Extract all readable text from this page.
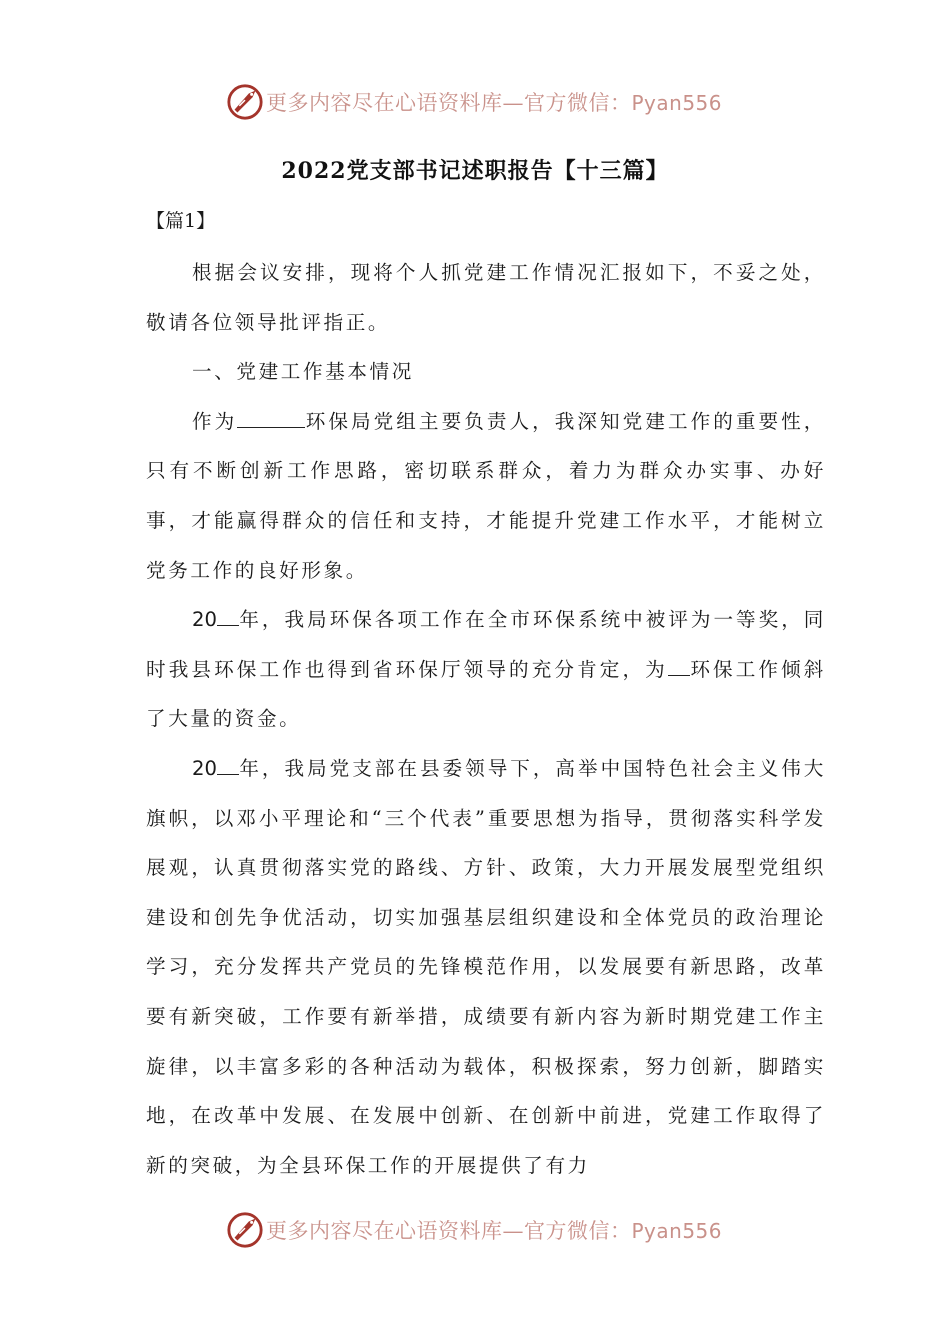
更多内容尽在心语资料库—官方微信：Pyan556
2022党支部书记述职报告【十三篇】
【篇1】

根据会议安排，现将个人抓党建工作情况汇报如下，不妥之处，敬请各位领导批评指正。

一、党建工作基本情况

作为	环保局党组主要负责人，我深知党建工作的重要性，只有不断创新工作思路，密切联系群众，着力为群众办实事、办好事，才能赢得群众的信任和支持，才能提升党建工作水平，才能树立党务工作的良好形象。

20 年，我局环保各项工作在全市环保系统中被评为一等奖，同时我县环保工作也得到省环保厅领导的充分肯定，为 环保工作倾斜了大量的资金。

20 年，我局党支部在县委领导下，高举中国特色社会主义伟大旗帜，以邓小平理论和“三个代表”重要思想为指导，贯彻落实科学发展观，认真贯彻落实党的路线、方针、政策，大力开展发展型党组织建设和创先争优活动，切实加强基层组织建设和全体党员的政治理论学习，充分发挥共产党员的先锋模范作用，以发展要有新思路，改革要有新突破，工作要有新举措，成绩要有新内容为新时期党建工作主旋律，以丰富多彩的各种活动为载体，积极探索，努力创新，脚踏实地，在改革中发展、在发展中创新、在创新中前进，党建工作取得了新的突破，为全县环保工作的开展提供了有力

更多内容尽在心语资料库—官方微信：Pyan556
